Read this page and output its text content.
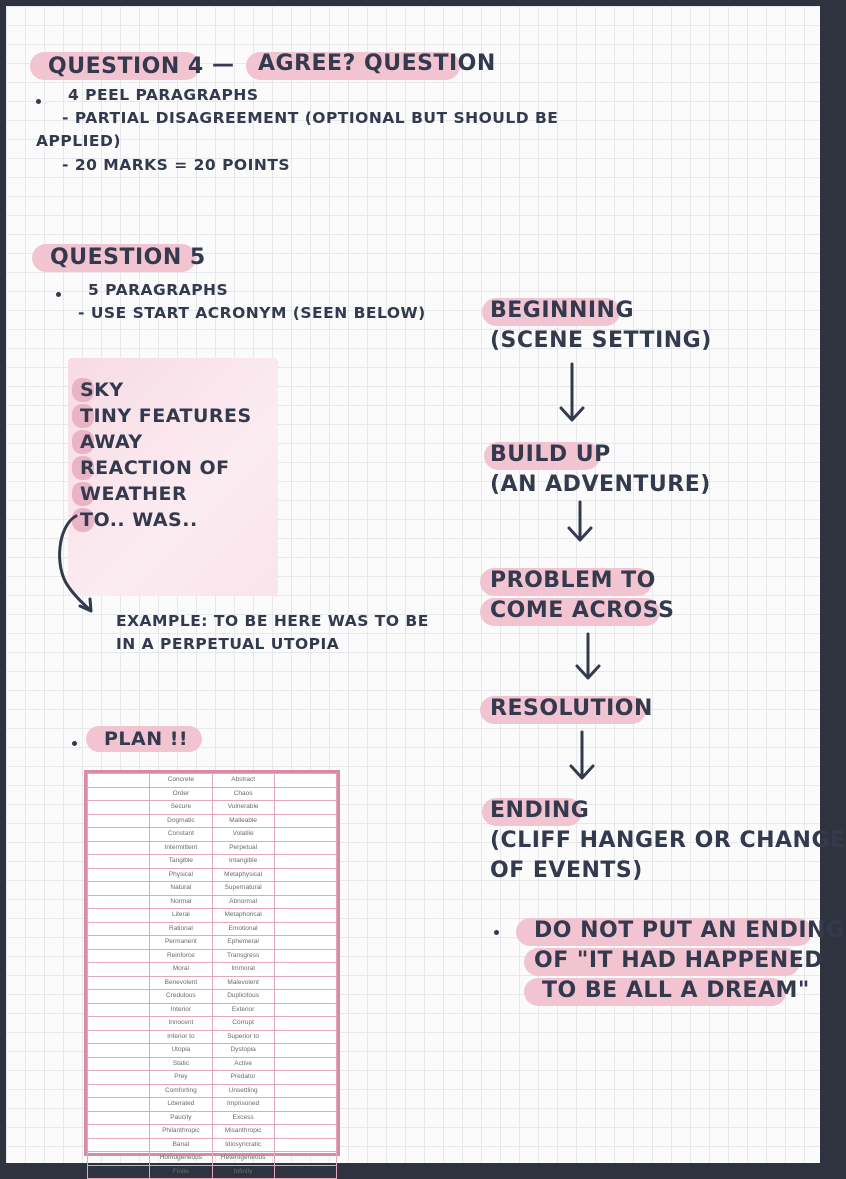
QUESTION 4 — AGREE? QUESTION
4 PEEL PARAGRAPHS
- PARTIAL DISAGREEMENT (OPTIONAL BUT SHOULD BE
APPLIED)
- 20 MARKS = 20 POINTS
QUESTION 5
5 PARAGRAPHS
- USE START ACRONYM (SEEN BELOW)
SKY
TINY FEATURES
AWAY
REACTION OF
WEATHER
TO.. WAS..
EXAMPLE: TO BE HERE WAS TO BE
IN A PERPETUAL UTOPIA
PLAN !!
	Concrete	Abstract	
	Order	Chaos	
	Secure	Vulnerable	
	Dogmatic	Malleable	
	Constant	Volatile	
	Intermittent	Perpetual	
	Tangible	Intangible	
	Physical	Metaphysical	
	Natural	Supernatural	
	Normal	Abnormal	
	Literal	Metaphorical	
	Rational	Emotional	
	Permanent	Ephemeral	
	Reinforce	Transgress	
	Moral	Immoral	
	Benevolent	Malevolent	
	Credulous	Duplicitous	
	Interior	Exterior	
	Innocent	Corrupt	
	Inferior to	Superior to	
	Utopia	Dystopia	
	Static	Active	
	Prey	Predator	
	Comforting	Unsettling	
	Liberated	Imprisoned	
	Paucity	Excess	
	Philanthropic	Misanthropic	
	Banal	Idiosyncratic	
	Homogeneous	Heterogeneous	
	Finite	Infinity	
BEGINNING
(SCENE SETTING)
BUILD UP
(AN ADVENTURE)
PROBLEM TO
COME ACROSS
RESOLUTION
ENDING
(CLIFF HANGER OR CHANGE
OF EVENTS)
DO NOT PUT AN ENDING
OF "IT HAD HAPPENED
TO BE ALL A DREAM"
